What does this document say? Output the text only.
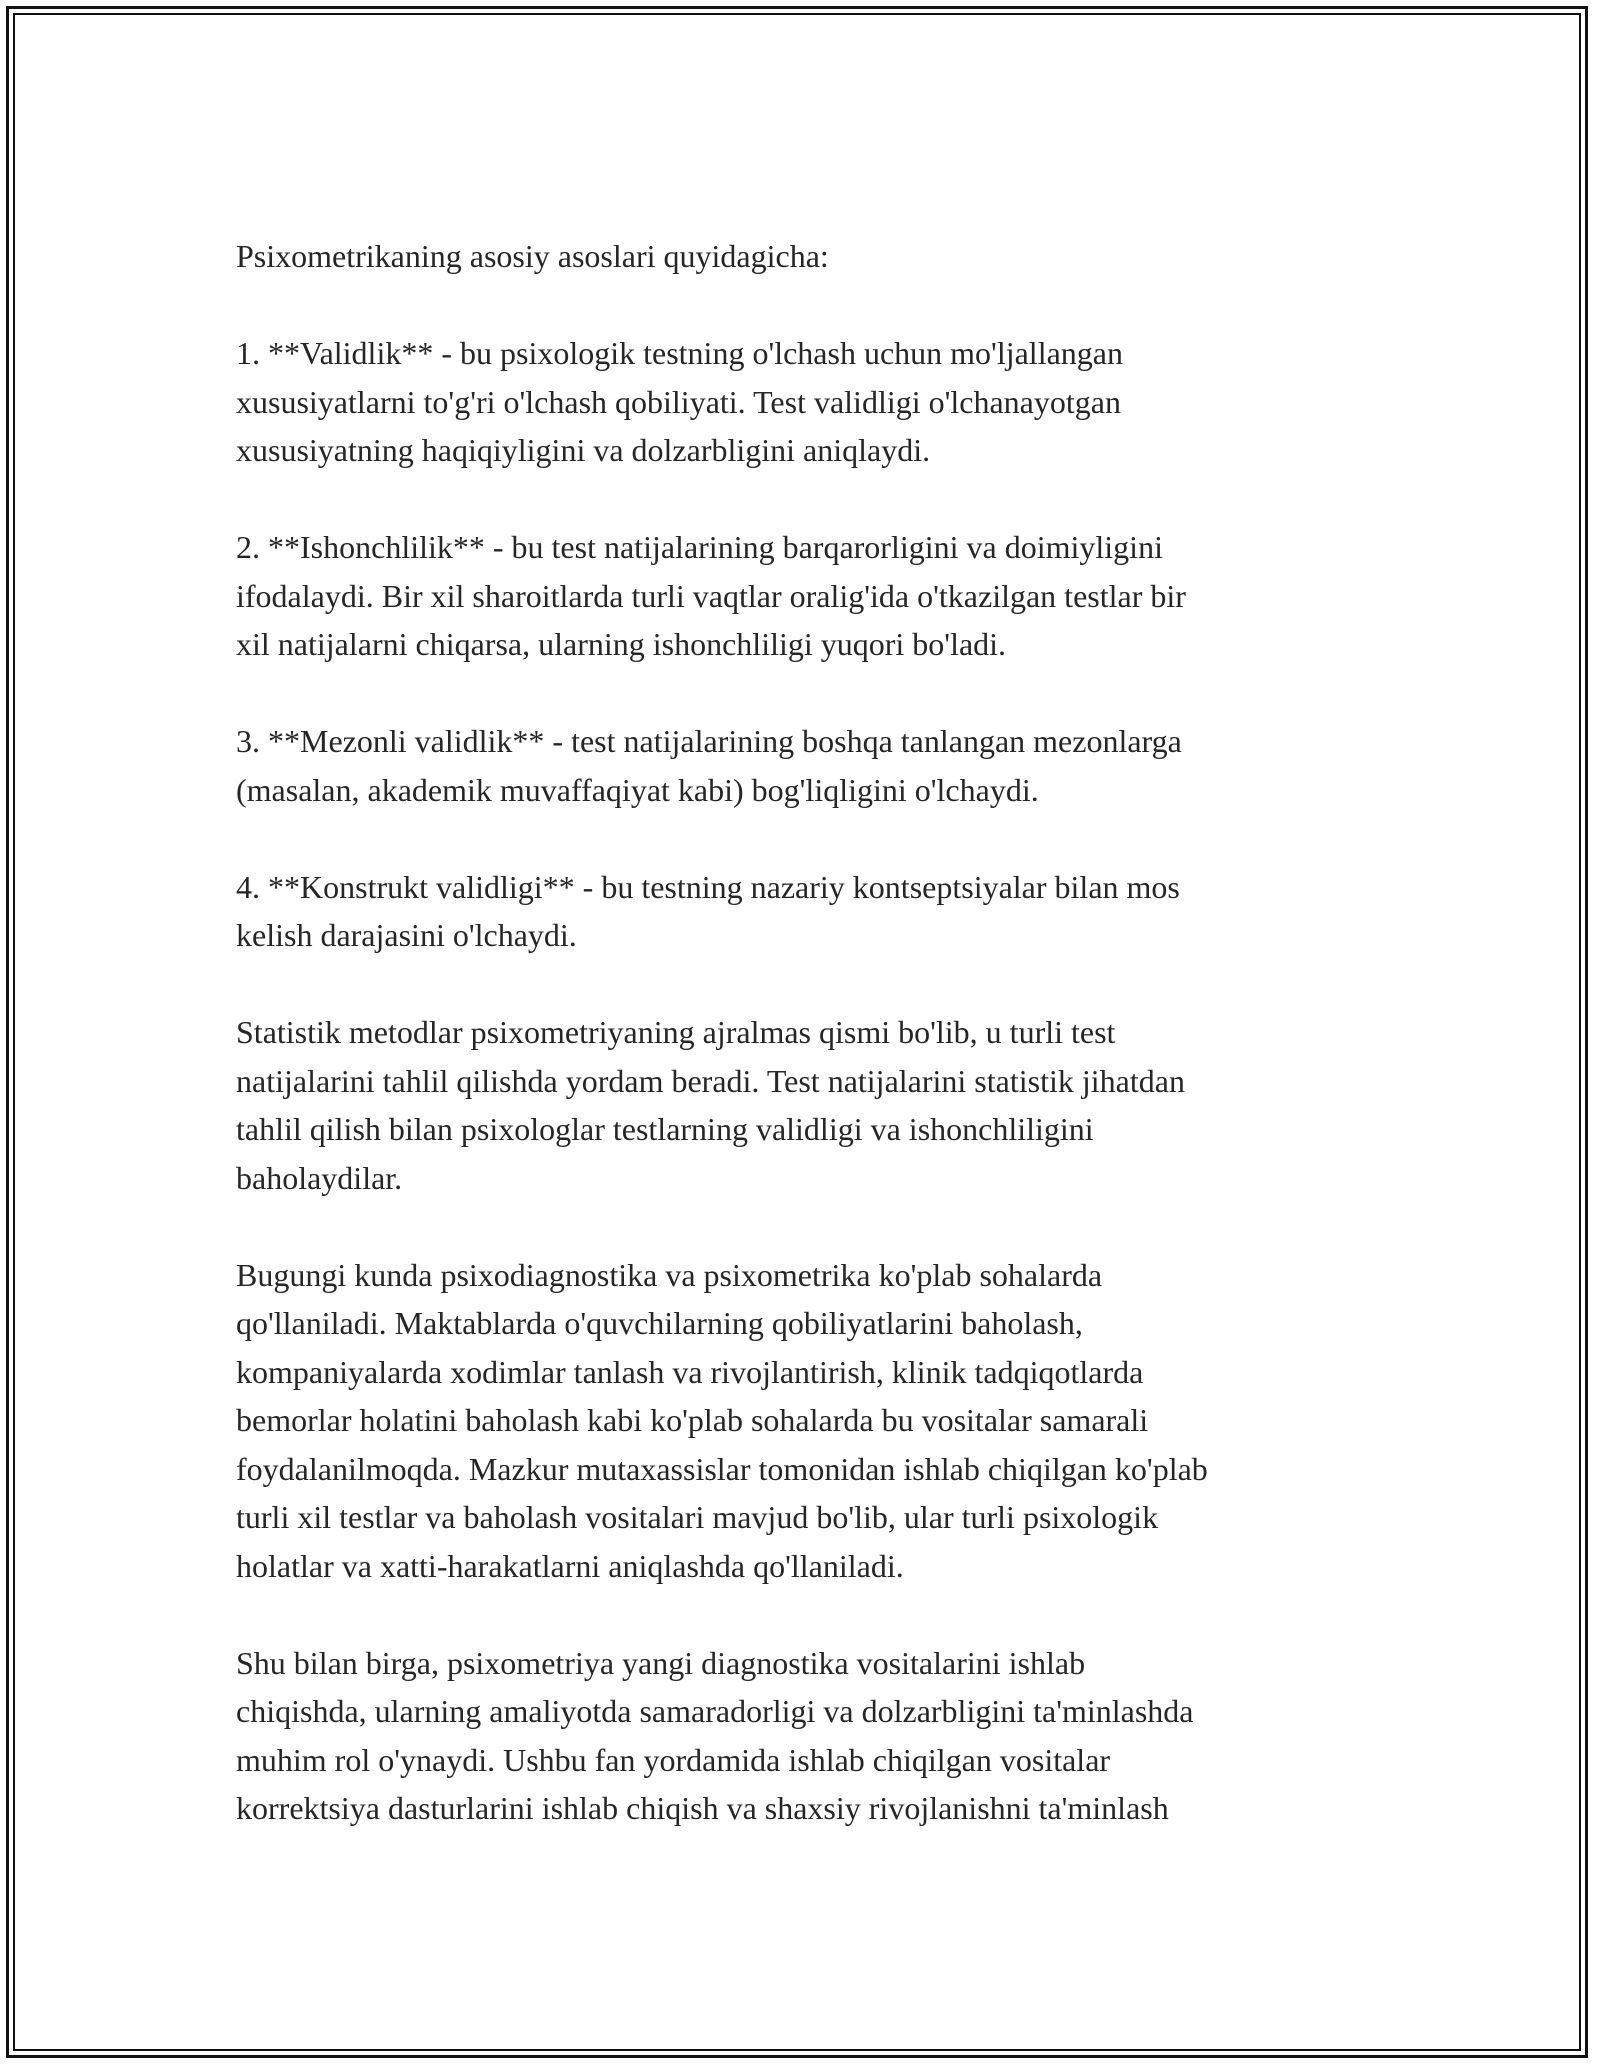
Psixometrikaning asosiy asoslari quyidagicha:

1. **Validlik** - bu psixologik testning o'lchash uchun mo'ljallangan
xususiyatlarni to'g'ri o'lchash qobiliyati. Test validligi o'lchanayotgan
xususiyatning haqiqiyligini va dolzarbligini aniqlaydi.

2. **Ishonchlilik** - bu test natijalarining barqarorligini va doimiyligini
ifodalaydi. Bir xil sharoitlarda turli vaqtlar oralig'ida o'tkazilgan testlar bir
xil natijalarni chiqarsa, ularning ishonchliligi yuqori bo'ladi.

3. **Mezonli validlik** - test natijalarining boshqa tanlangan mezonlarga
(masalan, akademik muvaffaqiyat kabi) bog'liqligini o'lchaydi.

4. **Konstrukt validligi** - bu testning nazariy kontseptsiyalar bilan mos
kelish darajasini o'lchaydi.

Statistik metodlar psixometriyaning ajralmas qismi bo'lib, u turli test
natijalarini tahlil qilishda yordam beradi. Test natijalarini statistik jihatdan
tahlil qilish bilan psixologlar testlarning validligi va ishonchliligini
baholaydilar.

Bugungi kunda psixodiagnostika va psixometrika ko'plab sohalarda
qo'llaniladi. Maktablarda o'quvchilarning qobiliyatlarini baholash,
kompaniyalarda xodimlar tanlash va rivojlantirish, klinik tadqiqotlarda
bemorlar holatini baholash kabi ko'plab sohalarda bu vositalar samarali
foydalanilmoqda. Mazkur mutaxassislar tomonidan ishlab chiqilgan ko'plab
turli xil testlar va baholash vositalari mavjud bo'lib, ular turli psixologik
holatlar va xatti-harakatlarni aniqlashda qo'llaniladi.

Shu bilan birga, psixometriya yangi diagnostika vositalarini ishlab
chiqishda, ularning amaliyotda samaradorligi va dolzarbligini ta'minlashda
muhim rol o'ynaydi. Ushbu fan yordamida ishlab chiqilgan vositalar
korrektsiya dasturlarini ishlab chiqish va shaxsiy rivojlanishni ta'minlash
